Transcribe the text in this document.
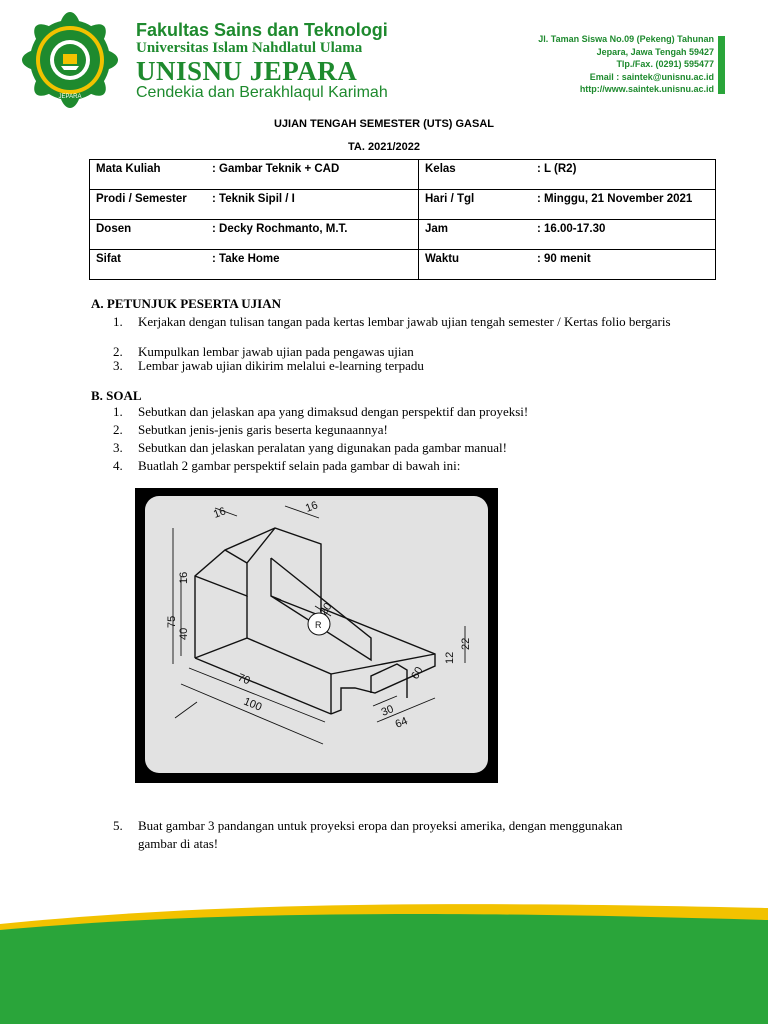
JEPARA
Fakultas Sains dan Teknologi
Universitas Islam Nahdlatul Ulama
UNISNU JEPARA
Cendekia dan Berakhlaqul Karimah
Jl. Taman Siswa No.09 (Pekeng) Tahunan
Jepara, Jawa Tengah 59427
Tlp./Fax. (0291) 595477
Email : saintek@unisnu.ac.id
http://www.saintek.unisnu.ac.id
UJIAN TENGAH SEMESTER (UTS) GASAL
TA. 2021/2022
Mata Kuliah	: Gambar Teknik + CAD	Kelas	: L (R2)
Prodi / Semester	: Teknik Sipil / I	Hari / Tgl	: Minggu, 21 November 2021
Dosen	: Decky Rochmanto, M.T.	Jam	: 16.00-17.30
Sifat	: Take Home	Waktu	: 90 menit
A. PETUNJUK PESERTA UJIAN
1.	Kerjakan dengan tulisan tangan pada kertas lembar jawab ujian tengah semester / Kertas folio bergaris
2.	Kumpulkan lembar jawab ujian pada pengawas ujian
3.	Lembar jawab ujian dikirim melalui e-learning terpadu
B. SOAL
1.	Sebutkan dan jelaskan apa yang dimaksud dengan perspektif dan proyeksi!
2.	Sebutkan jenis-jenis garis beserta kegunaannya!
3.	Sebutkan dan jelaskan peralatan yang digunakan pada gambar manual!
4.	Buatlah 2 gambar perspektif selain pada gambar di bawah ini:
5.	Buat gambar 3 pandangan untuk proyeksi eropa dan proyeksi amerika, dengan menggunakan gambar di atas!
16	16
16
40
75
70
100
20
12
22
30
64
60
R
